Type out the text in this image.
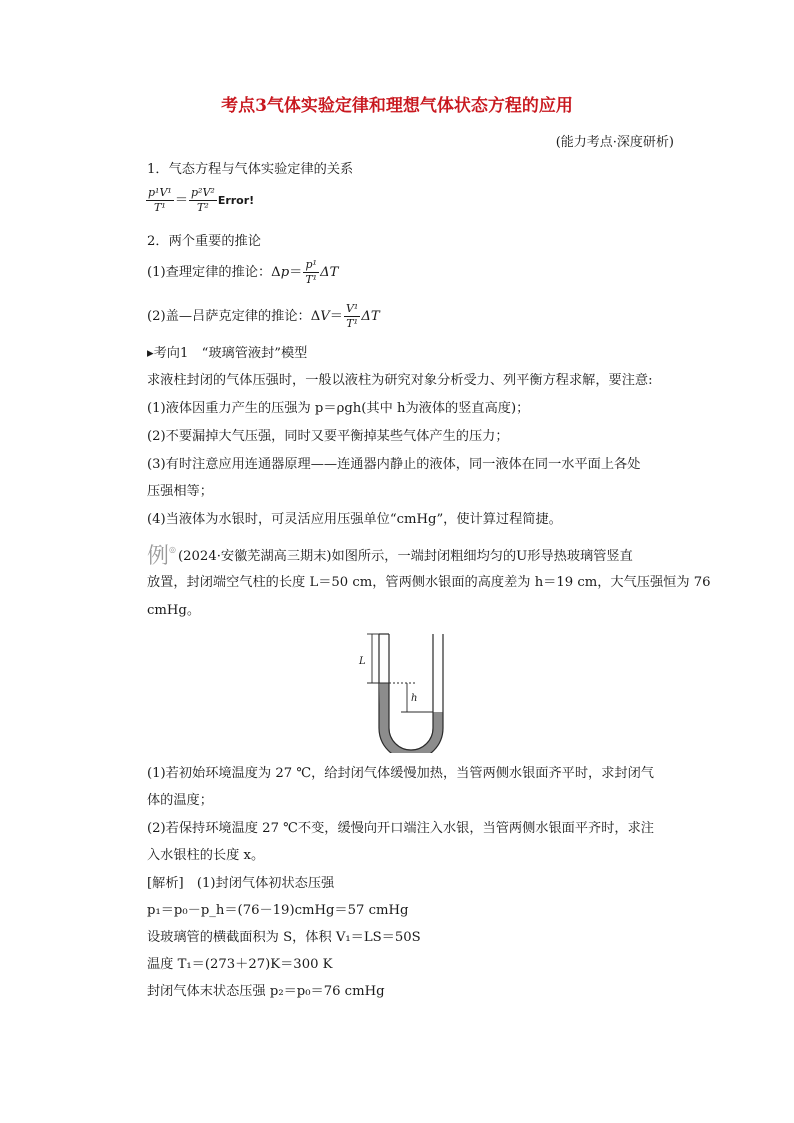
考点3气体实验定律和理想气体状态方程的应用
(能力考点·深度研析)
1．气态方程与气体实验定律的关系
$\frac{\text{p¹V¹}}{\text{T¹}} = \frac{\text{p²V²}}{\text{T²}}$ Error!
2．两个重要的推论
(1)查理定律的推论：$\Delta p= \frac{\text{p¹}}{\text{T¹}}$ ΔT
(2)盖—吕萨克定律的推论：$\Delta V= \frac{\text{V¹}}{\text{T¹}}$ ΔT
▸考向1　“玻璃管液封”模型
求液柱封闭的气体压强时，一般以液柱为研究对象分析受力、列平衡方程求解，要注意:
(1)液体因重力产生的压强为 p＝ρgh(其中 h为液体的竖直高度)；
(2)不要漏掉大气压强，同时又要平衡掉某些气体产生的压力；
(3)有时注意应用连通器原理——连通器内静止的液体，同一液体在同一水平面上各处
压强相等；
(4)当液体为水银时，可灵活应用压强单位“cmHg”，使计算过程简捷。
例◎ (2024·安徽芜湖高三期末)如图所示，一端封闭粗细均匀的U形导热玻璃管竖直
放置，封闭端空气柱的长度 L＝50 cm，管两侧水银面的高度差为 h＝19 cm，大气压强恒为 76
cmHg。
L
h
(1)若初始环境温度为 27 ℃，给封闭气体缓慢加热，当管两侧水银面齐平时，求封闭气
体的温度；
(2)若保持环境温度 27 ℃不变，缓慢向开口端注入水银，当管两侧水银面平齐时，求注
入水银柱的长度 x。
[解析]　(1)封闭气体初状态压强
p₁＝p₀－p_h＝(76－19)cmHg＝57 cmHg
设玻璃管的横截面积为 S，体积 V₁＝LS＝50S
温度 T₁＝(273＋27)K＝300 K
封闭气体末状态压强 p₂＝p₀＝76 cmHg
